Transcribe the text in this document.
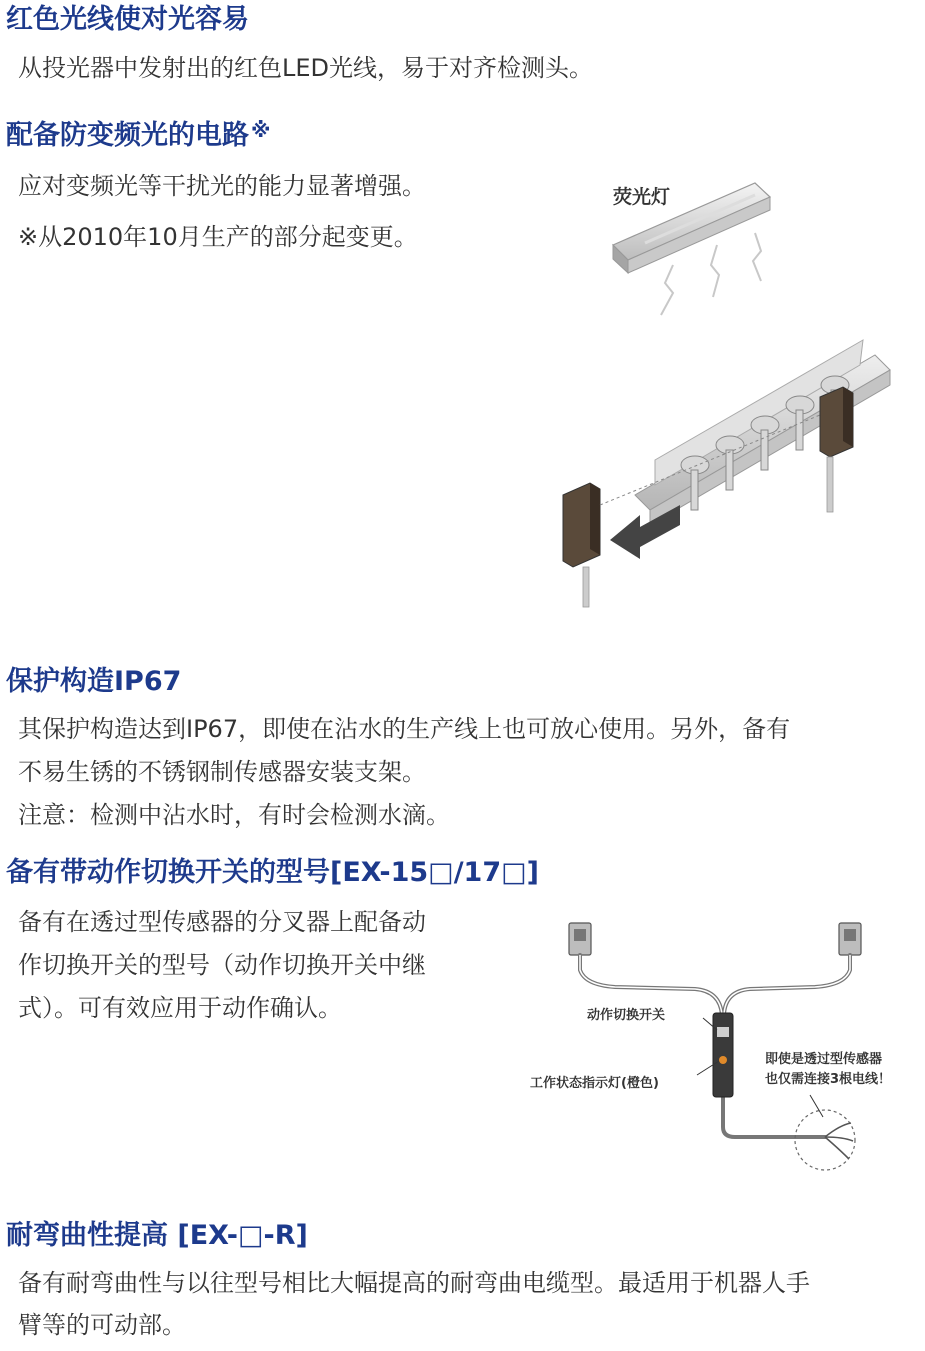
红色光线使对光容易

从投光器中发射出的红色LED光线，易于对齐检测头。

配备防变频光的电路 ※

应对变频光等干扰光的能力显著增强。

※从2010年10月生产的部分起变更。

荧光灯
保护构造IP67

其保护构造达到IP67，即使在沾水的生产线上也可放心使用。另外，备有

不易生锈的不锈钢制传感器安装支架。

注意：检测中沾水时，有时会检测水滴。

备有带动作切换开关的型号[EX-15□/17□]

备有在透过型传感器的分叉器上配备动

作切换开关的型号（动作切换开关中继

式）。可有效应用于动作确认。	动作切换开关
工作状态指示灯(橙色)
即使是透过型传感器
也仅需连接3根电线！
耐弯曲性提高 [EX-□-R]

备有耐弯曲性与以往型号相比大幅提高的耐弯曲电缆型。最适用于机器人手

臂等的可动部。
